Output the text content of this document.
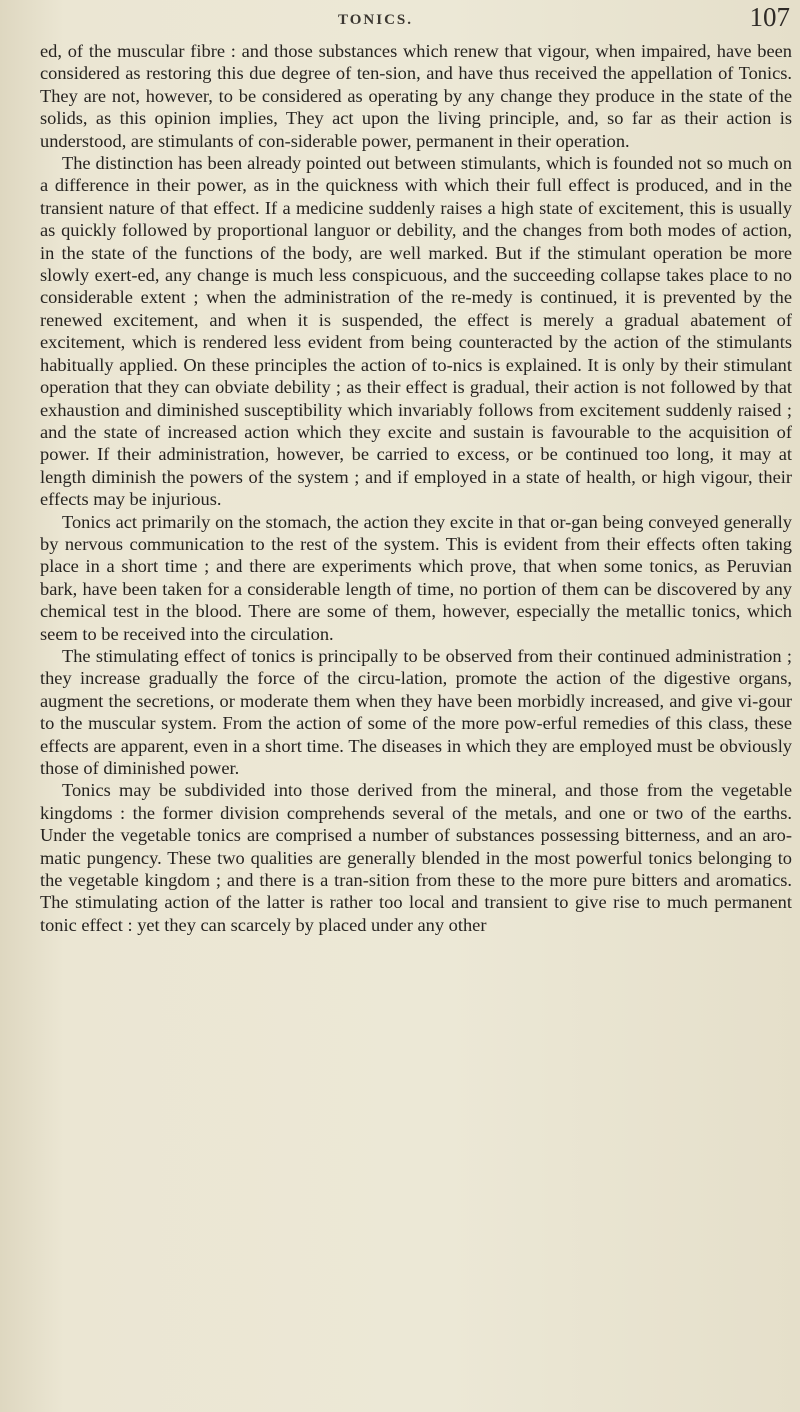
TONICS.	107

ed, of the muscular fibre : and those substances which renew that vigour, when impaired, have been considered as restoring this due degree of ten-sion, and have thus received the appellation of Tonics. They are not, however, to be considered as operating by any change they produce in the state of the solids, as this opinion implies, They act upon the living principle, and, so far as their action is understood, are stimulants of con-siderable power, permanent in their operation.

The distinction has been already pointed out between stimulants, which is founded not so much on a difference in their power, as in the quickness with which their full effect is produced, and in the transient nature of that effect. If a medicine suddenly raises a high state of excitement, this is usually as quickly followed by proportional languor or debility, and the changes from both modes of action, in the state of the functions of the body, are well marked. But if the stimulant operation be more slowly exert-ed, any change is much less conspicuous, and the succeeding collapse takes place to no considerable extent ; when the administration of the re-medy is continued, it is prevented by the renewed excitement, and when it is suspended, the effect is merely a gradual abatement of excitement, which is rendered less evident from being counteracted by the action of the stimulants habitually applied. On these principles the action of to-nics is explained. It is only by their stimulant operation that they can obviate debility ; as their effect is gradual, their action is not followed by that exhaustion and diminished susceptibility which invariably follows from excitement suddenly raised ; and the state of increased action which they excite and sustain is favourable to the acquisition of power. If their administration, however, be carried to excess, or be continued too long, it may at length diminish the powers of the system ; and if employed in a state of health, or high vigour, their effects may be injurious.

Tonics act primarily on the stomach, the action they excite in that or-gan being conveyed generally by nervous communication to the rest of the system. This is evident from their effects often taking place in a short time ; and there are experiments which prove, that when some tonics, as Peruvian bark, have been taken for a considerable length of time, no portion of them can be discovered by any chemical test in the blood. There are some of them, however, especially the metallic tonics, which seem to be received into the circulation.

The stimulating effect of tonics is principally to be observed from their continued administration ; they increase gradually the force of the circu-lation, promote the action of the digestive organs, augment the secretions, or moderate them when they have been morbidly increased, and give vi-gour to the muscular system. From the action of some of the more pow-erful remedies of this class, these effects are apparent, even in a short time. The diseases in which they are employed must be obviously those of diminished power.

Tonics may be subdivided into those derived from the mineral, and those from the vegetable kingdoms : the former division comprehends several of the metals, and one or two of the earths. Under the vegetable tonics are comprised a number of substances possessing bitterness, and an aro-matic pungency. These two qualities are generally blended in the most powerful tonics belonging to the vegetable kingdom ; and there is a tran-sition from these to the more pure bitters and aromatics. The stimulating action of the latter is rather too local and transient to give rise to much permanent tonic effect : yet they can scarcely by placed under any other
